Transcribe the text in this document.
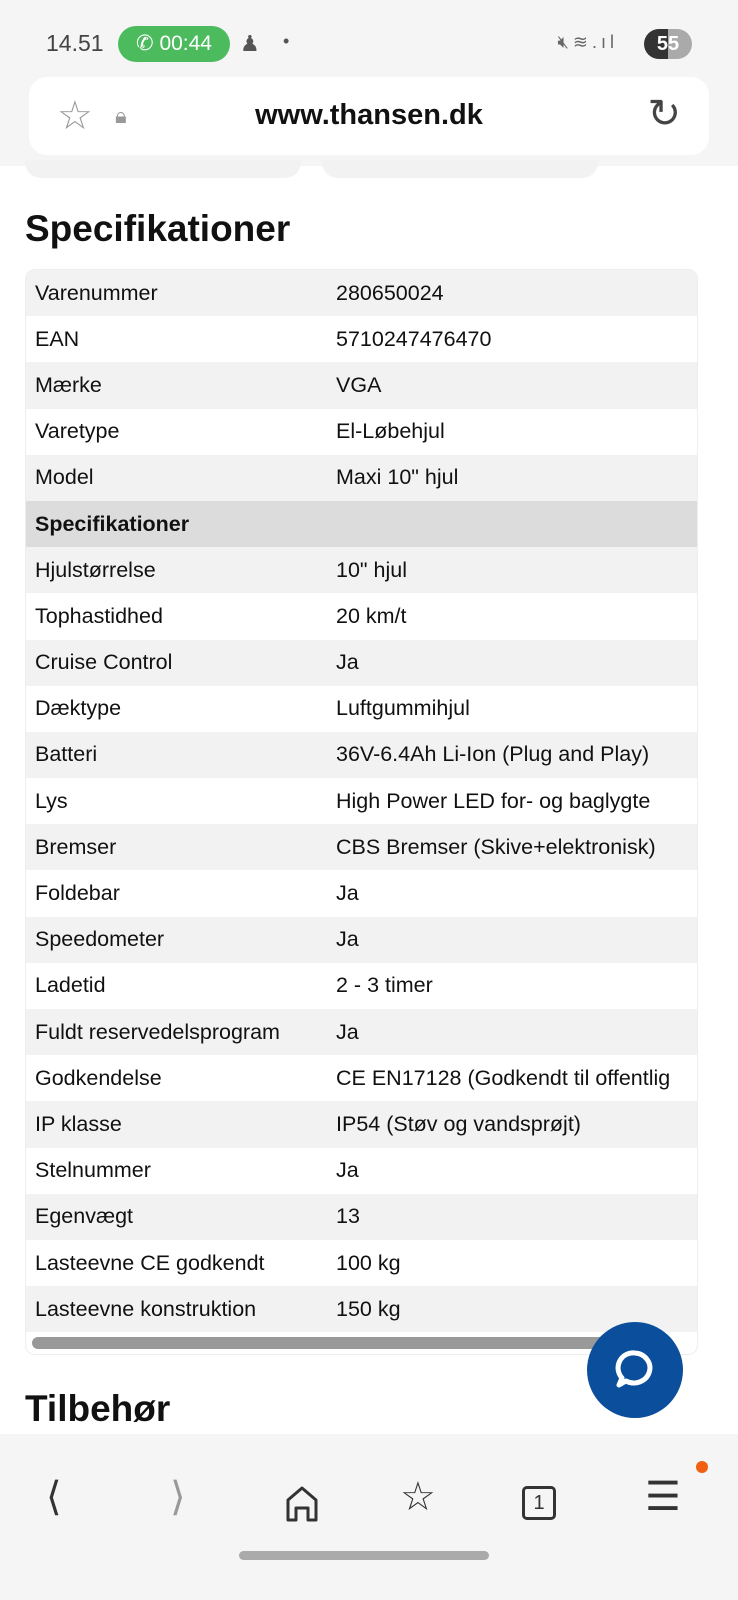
14.51	✆ 00:44	♟ •	🔇︎≋.ıl	55
☆ 🔒︎	www.thansen.dk	↻
Specifikationer
Varenummer	280650024
EAN	5710247476470
Mærke	VGA
Varetype	El-Løbehjul
Model	Maxi 10" hjul
Specifikationer
Hjulstørrelse	10" hjul
Tophastidhed	20 km/t
Cruise Control	Ja
Dæktype	Luftgummihjul
Batteri	36V-6.4Ah Li-Ion (Plug and Play)
Lys	High Power LED for- og baglygte
Bremser	CBS Bremser (Skive+elektronisk)
Foldebar	Ja
Speedometer	Ja
Ladetid	2 - 3 timer
Fuldt reservedelsprogram	Ja
Godkendelse	CE EN17128 (Godkendt til offentlig
IP klasse	IP54 (Støv og vandsprøjt)
Stelnummer	Ja
Egenvægt	13
Lasteevne CE godkendt	100 kg
Lasteevne konstruktion	150 kg
Tilbehør
⟨	⟩	☆	1	☰
